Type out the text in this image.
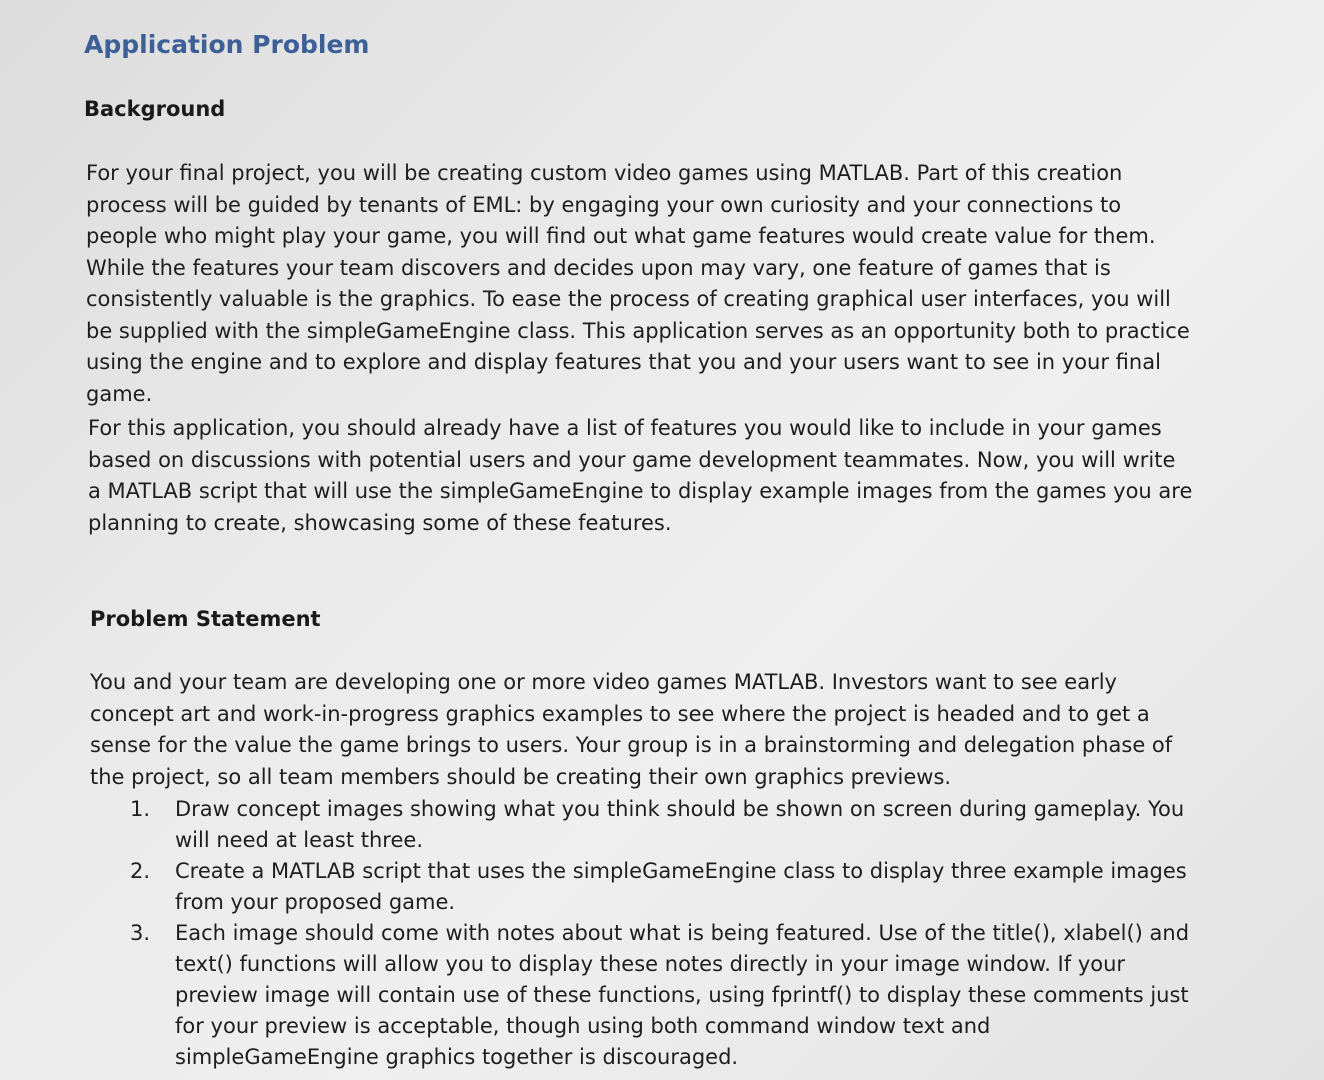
Application Problem
Background
For your final project, you will be creating custom video games using MATLAB. Part of this creation
process will be guided by tenants of EML: by engaging your own curiosity and your connections to
people who might play your game, you will find out what game features would create value for them.
While the features your team discovers and decides upon may vary, one feature of games that is
consistently valuable is the graphics. To ease the process of creating graphical user interfaces, you will
be supplied with the simpleGameEngine class. This application serves as an opportunity both to practice
using the engine and to explore and display features that you and your users want to see in your final
game.
For this application, you should already have a list of features you would like to include in your games
based on discussions with potential users and your game development teammates. Now, you will write
a MATLAB script that will use the simpleGameEngine to display example images from the games you are
planning to create, showcasing some of these features.
Problem Statement
You and your team are developing one or more video games MATLAB. Investors want to see early
concept art and work-in-progress graphics examples to see where the project is headed and to get a
sense for the value the game brings to users. Your group is in a brainstorming and delegation phase of
the project, so all team members should be creating their own graphics previews.
1.	Draw concept images showing what you think should be shown on screen during gameplay. You
will need at least three.
2.	Create a MATLAB script that uses the simpleGameEngine class to display three example images
from your proposed game.
3.	Each image should come with notes about what is being featured. Use of the title(), xlabel() and
text() functions will allow you to display these notes directly in your image window. If your
preview image will contain use of these functions, using fprintf() to display these comments just
for your preview is acceptable, though using both command window text and
simpleGameEngine graphics together is discouraged.
